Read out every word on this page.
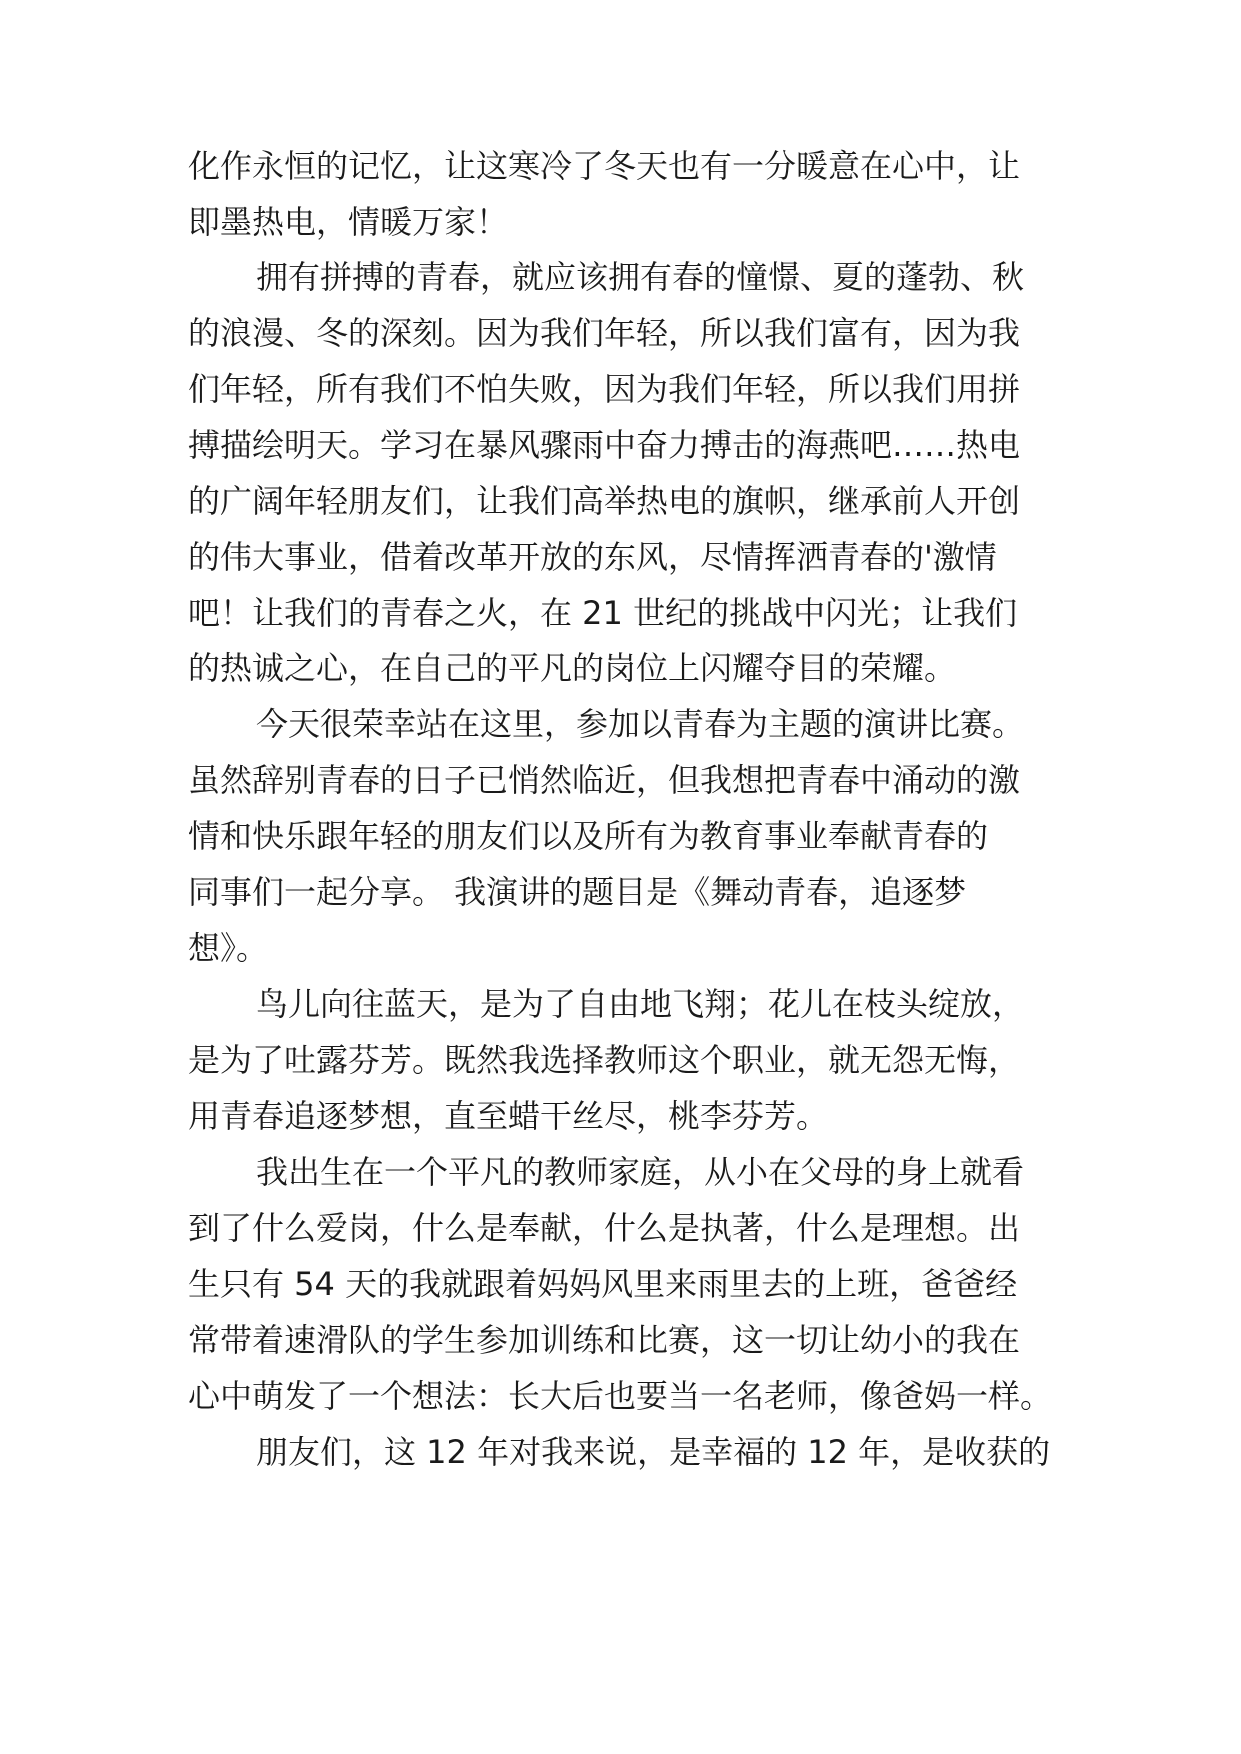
化作永恒的记忆，让这寒冷了冬天也有一分暖意在心中，让

即墨热电，情暖万家！

拥有拼搏的青春，就应该拥有春的憧憬、夏的蓬勃、秋

的浪漫、冬的深刻。因为我们年轻，所以我们富有，因为我

们年轻，所有我们不怕失败，因为我们年轻，所以我们用拼

搏描绘明天。学习在暴风骤雨中奋力搏击的海燕吧……热电

的广阔年轻朋友们，让我们高举热电的旗帜，继承前人开创

的伟大事业，借着改革开放的东风，尽情挥洒青春的'激情

吧！让我们的青春之火，在 21 世纪的挑战中闪光；让我们

的热诚之心，在自己的平凡的岗位上闪耀夺目的荣耀。

今天很荣幸站在这里，参加以青春为主题的演讲比赛。

虽然辞别青春的日子已悄然临近，但我想把青春中涌动的激

情和快乐跟年轻的朋友们以及所有为教育事业奉献青春的

同事们一起分享。 我演讲的题目是《舞动青春，追逐梦

想》。

鸟儿向往蓝天，是为了自由地飞翔；花儿在枝头绽放，

是为了吐露芬芳。既然我选择教师这个职业，就无怨无悔，

用青春追逐梦想，直至蜡干丝尽，桃李芬芳。

我出生在一个平凡的教师家庭，从小在父母的身上就看

到了什么爱岗，什么是奉献，什么是执著，什么是理想。出

生只有 54 天的我就跟着妈妈风里来雨里去的上班，爸爸经

常带着速滑队的学生参加训练和比赛，这一切让幼小的我在

心中萌发了一个想法：长大后也要当一名老师，像爸妈一样。

朋友们，这 12 年对我来说，是幸福的 12 年，是收获的
